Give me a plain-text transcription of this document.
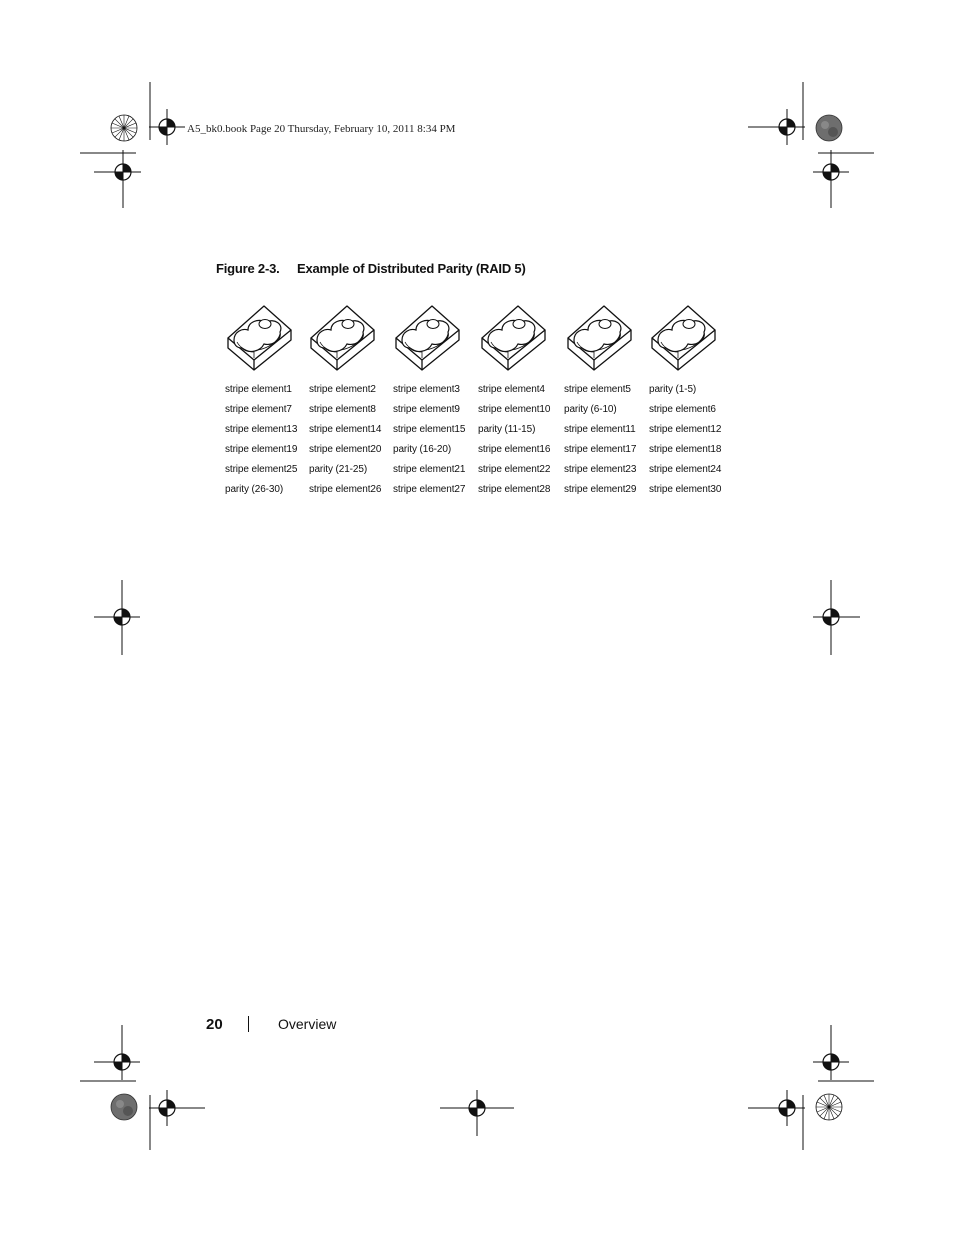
A5_bk0.book Page 20 Thursday, February 10, 2011 8:34 PM
Figure 2-3. Example of Distributed Parity (RAID 5)
stripe element1
stripe element7
stripe element13
stripe element19
stripe element25
parity (26-30)
stripe element2
stripe element8
stripe element14
stripe element20
parity (21-25)
stripe element26
stripe element3
stripe element9
stripe element15
parity (16-20)
stripe element21
stripe element27
stripe element4
stripe element10
parity (11-15)
stripe element16
stripe element22
stripe element28
stripe element5
parity (6-10)
stripe element11
stripe element17
stripe element23
stripe element29
parity (1-5)
stripe element6
stripe element12
stripe element18
stripe element24
stripe element30
20	Overview
